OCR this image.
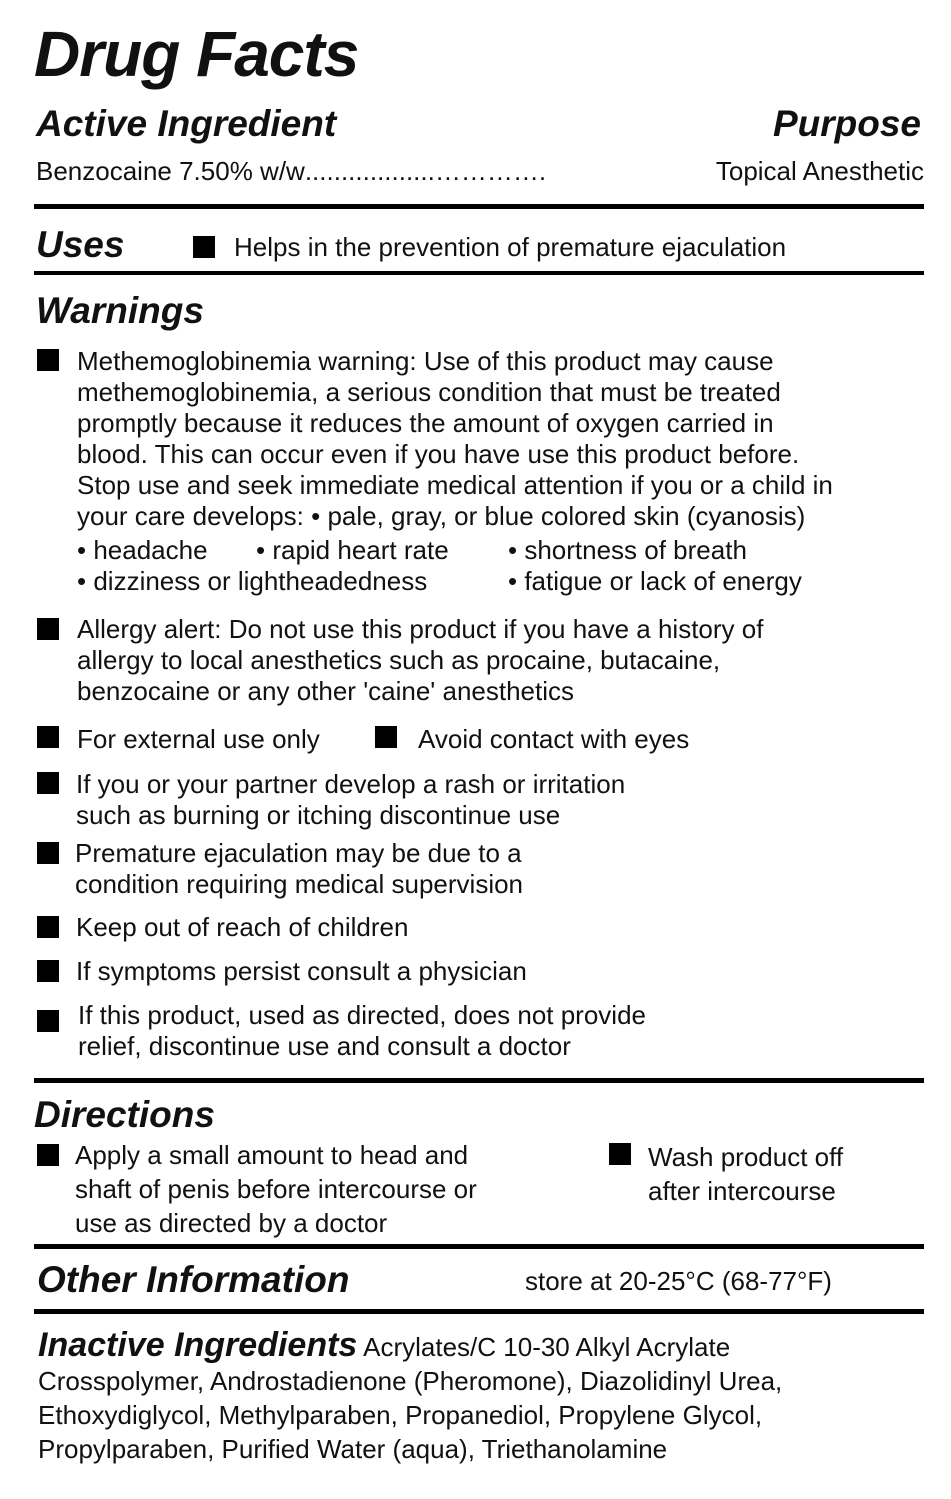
Drug Facts
Active Ingredient	Purpose
Benzocaine 7.50% w/w ..................………….	Topical Anesthetic
Uses	Helps in the prevention of premature ejaculation
Warnings
Methemoglobinemia warning: Use of this product may cause
methemoglobinemia, a serious condition that must be treated
promptly because it reduces the amount of oxygen carried in
blood. This can occur even if you have use this product before.
Stop use and seek immediate medical attention if you or a child in
your care develops: • pale, gray, or blue colored skin (cyanosis)
• headache • rapid heart rate • shortness of breath
• dizziness or lightheadedness	• fatigue or lack of energy
Allergy alert: Do not use this product if you have a history of
allergy to local anesthetics such as procaine, butacaine,
benzocaine or any other 'caine' anesthetics
For external use only	Avoid contact with eyes
If you or your partner develop a rash or irritation
such as burning or itching discontinue use
Premature ejaculation may be due to a
condition requiring medical supervision
Keep out of reach of children
If symptoms persist consult a physician
If this product, used as directed, does not provide
relief, discontinue use and consult a doctor
Directions
Apply a small amount to head and
shaft of penis before intercourse or
use as directed by a doctor
Wash product off
after intercourse
Other Information	store at 20-25°C (68-77°F)
Inactive Ingredients Acrylates/C 10-30 Alkyl Acrylate
Crosspolymer, Androstadienone (Pheromone), Diazolidinyl Urea,
Ethoxydiglycol, Methylparaben, Propanediol, Propylene Glycol,
Propylparaben, Purified Water (aqua), Triethanolamine
